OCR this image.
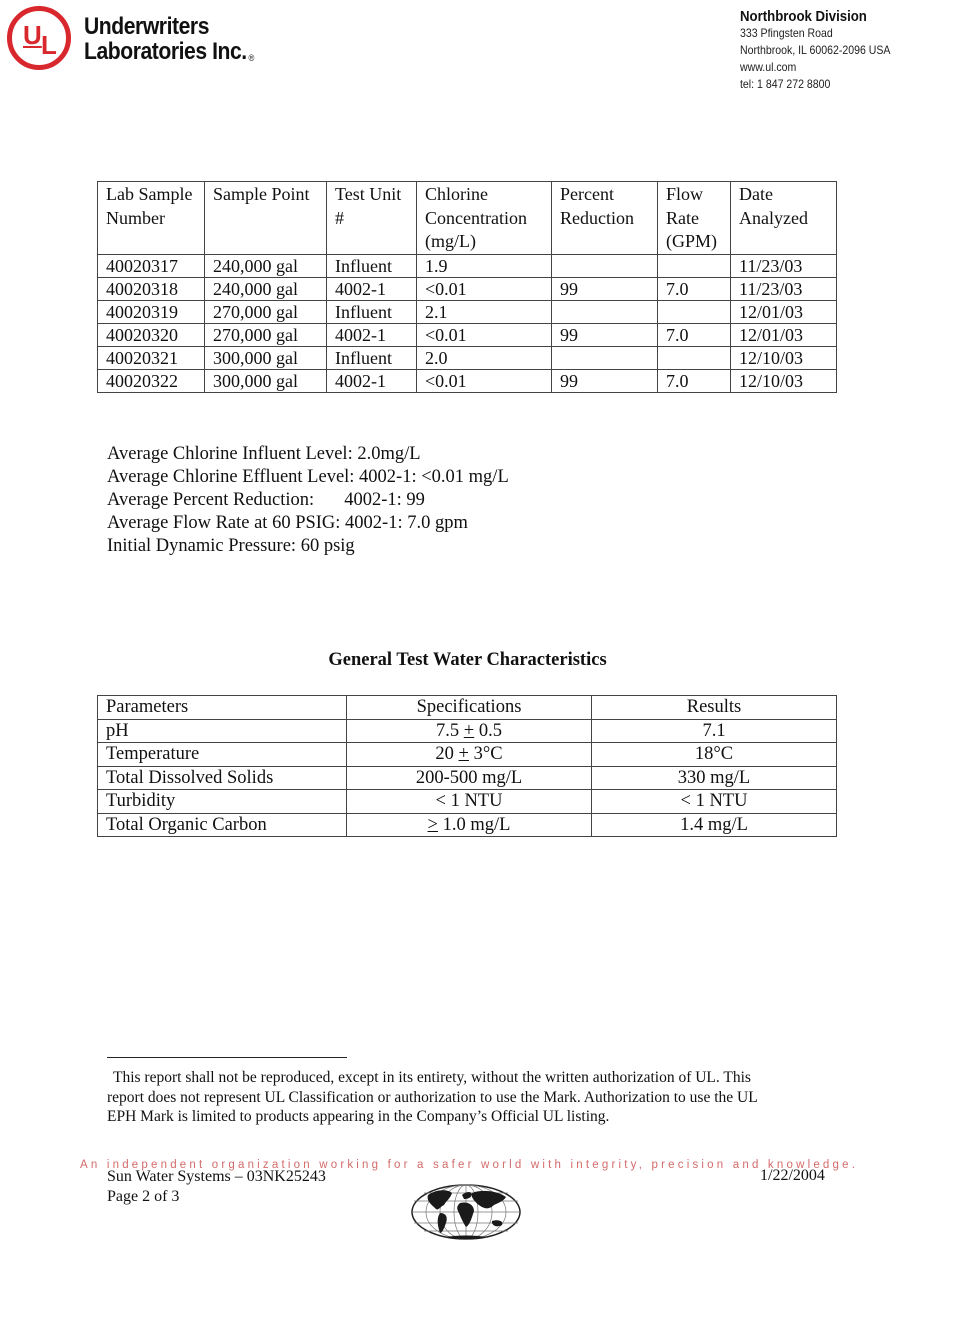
U L
Underwriters
Laboratories Inc. ®
Northbrook Division
333 Pfingsten Road
Northbrook, IL 60062-2096 USA
www.ul.com
tel: 1 847 272 8800
Lab Sample Number	Sample Point	Test Unit #	Chlorine Concentration (mg/L)	Percent Reduction	Flow Rate (GPM)	Date Analyzed
40020317	240,000 gal	Influent	1.9			11/23/03
40020318	240,000 gal	4002-1	<0.01	99	7.0	11/23/03
40020319	270,000 gal	Influent	2.1			12/01/03
40020320	270,000 gal	4002-1	<0.01	99	7.0	12/01/03
40020321	300,000 gal	Influent	2.0			12/10/03
40020322	300,000 gal	4002-1	<0.01	99	7.0	12/10/03
Average Chlorine Influent Level: 2.0mg/L
Average Chlorine Effluent Level: 4002-1: <0.01 mg/L
Average Percent Reduction: 4002-1: 99
Average Flow Rate at 60 PSIG: 4002-1: 7.0 gpm
Initial Dynamic Pressure: 60 psig
General Test Water Characteristics
Parameters	Specifications	Results
pH	7.5 + 0.5	7.1
Temperature	20 + 3°C	18°C
Total Dissolved Solids	200-500 mg/L	330 mg/L
Turbidity	< 1 NTU	< 1 NTU
Total Organic Carbon	≥ 1.0 mg/L	1.4 mg/L
This report shall not be reproduced, except in its entirety, without the written authorization of UL. This
report does not represent UL Classification or authorization to use the Mark. Authorization to use the UL
EPH Mark is limited to products appearing in the Company’s Official UL listing.
An independent organization working for a safer world with integrity, precision and knowledge.
Sun Water Systems – 03NK25243
Page 2 of 3
1/22/2004
